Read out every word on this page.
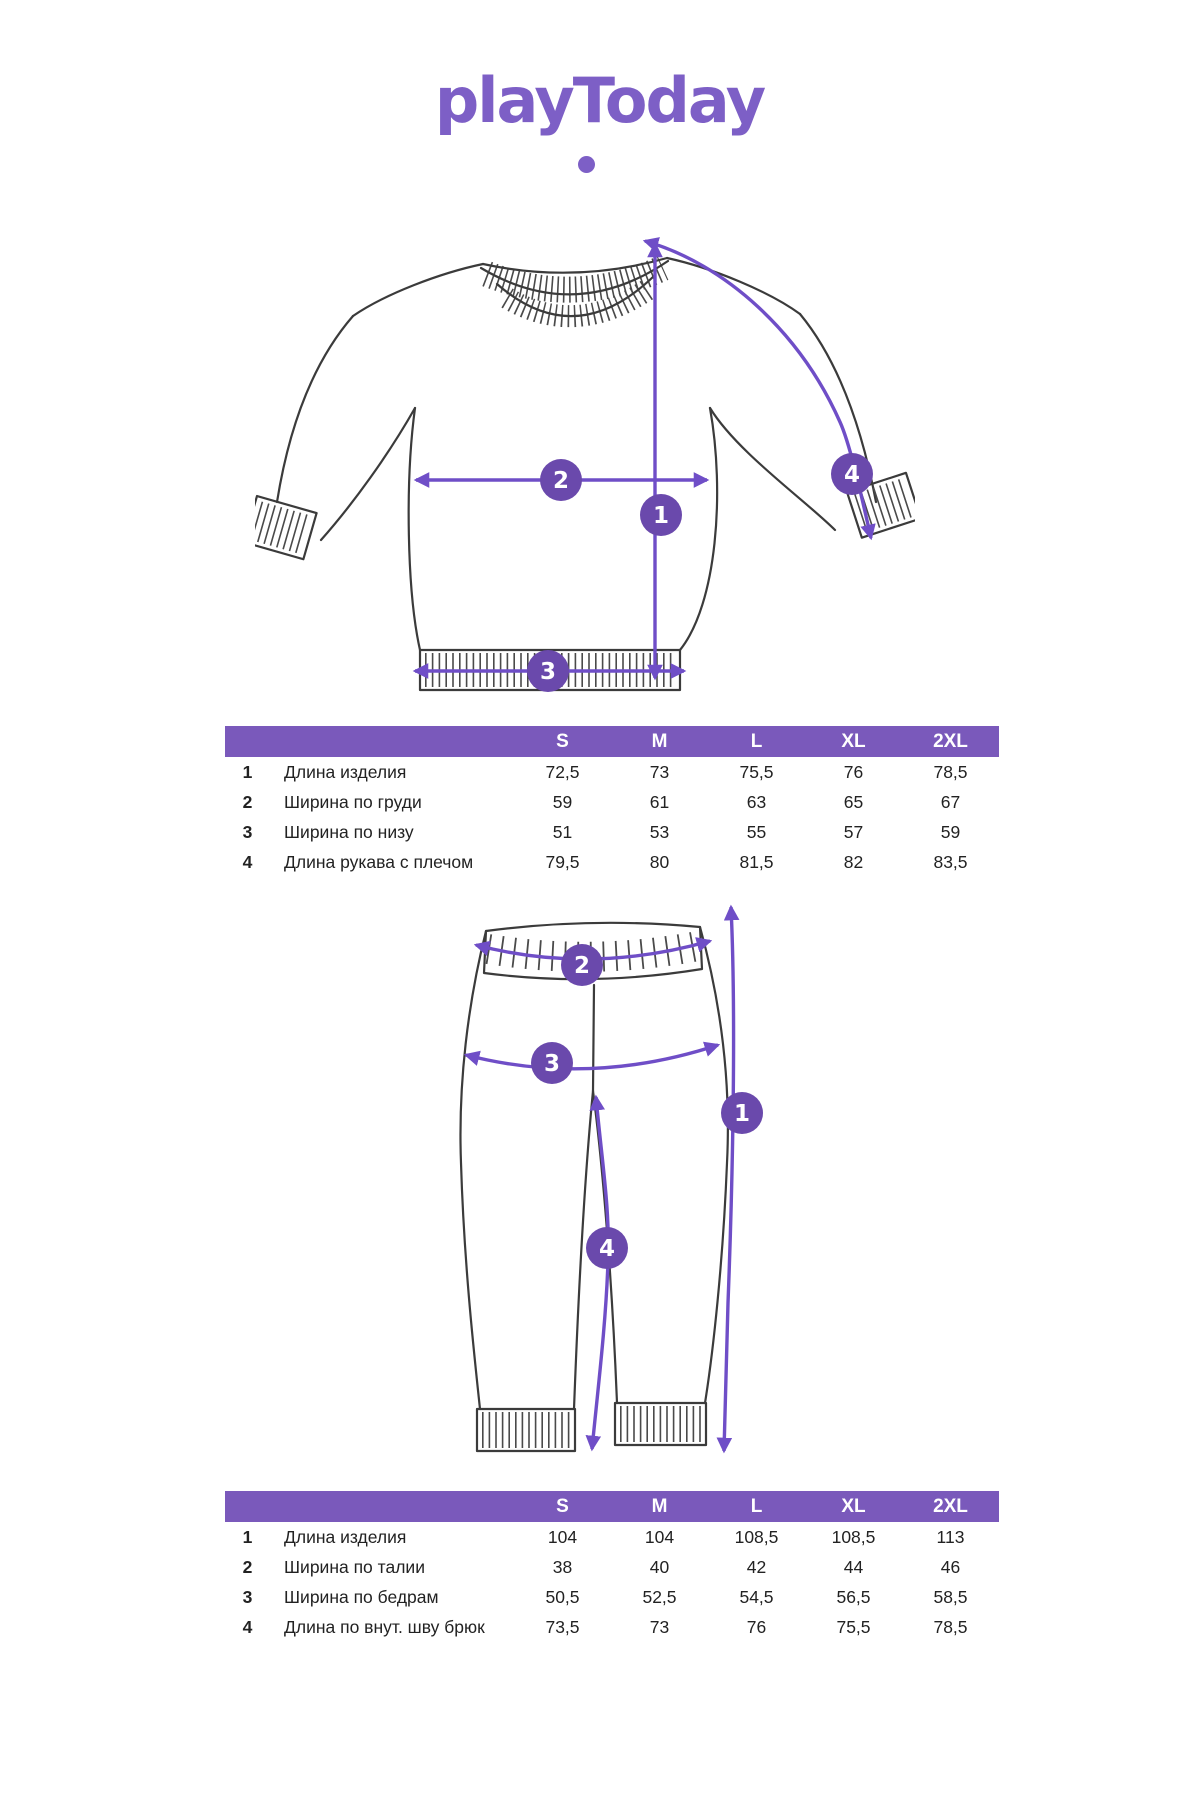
playToday
1
2
3
4
		S	M	L	XL	2XL
1	Длина изделия	72,5	73	75,5	76	78,5
2	Ширина по груди	59	61	63	65	67
3	Ширина по низу	51	53	55	57	59
4	Длина рукава с плечом	79,5	80	81,5	82	83,5
1
2
3
4
		S	M	L	XL	2XL
1	Длина изделия	104	104	108,5	108,5	113
2	Ширина по талии	38	40	42	44	46
3	Ширина по бедрам	50,5	52,5	54,5	56,5	58,5
4	Длина по внут. шву брюк	73,5	73	76	75,5	78,5
